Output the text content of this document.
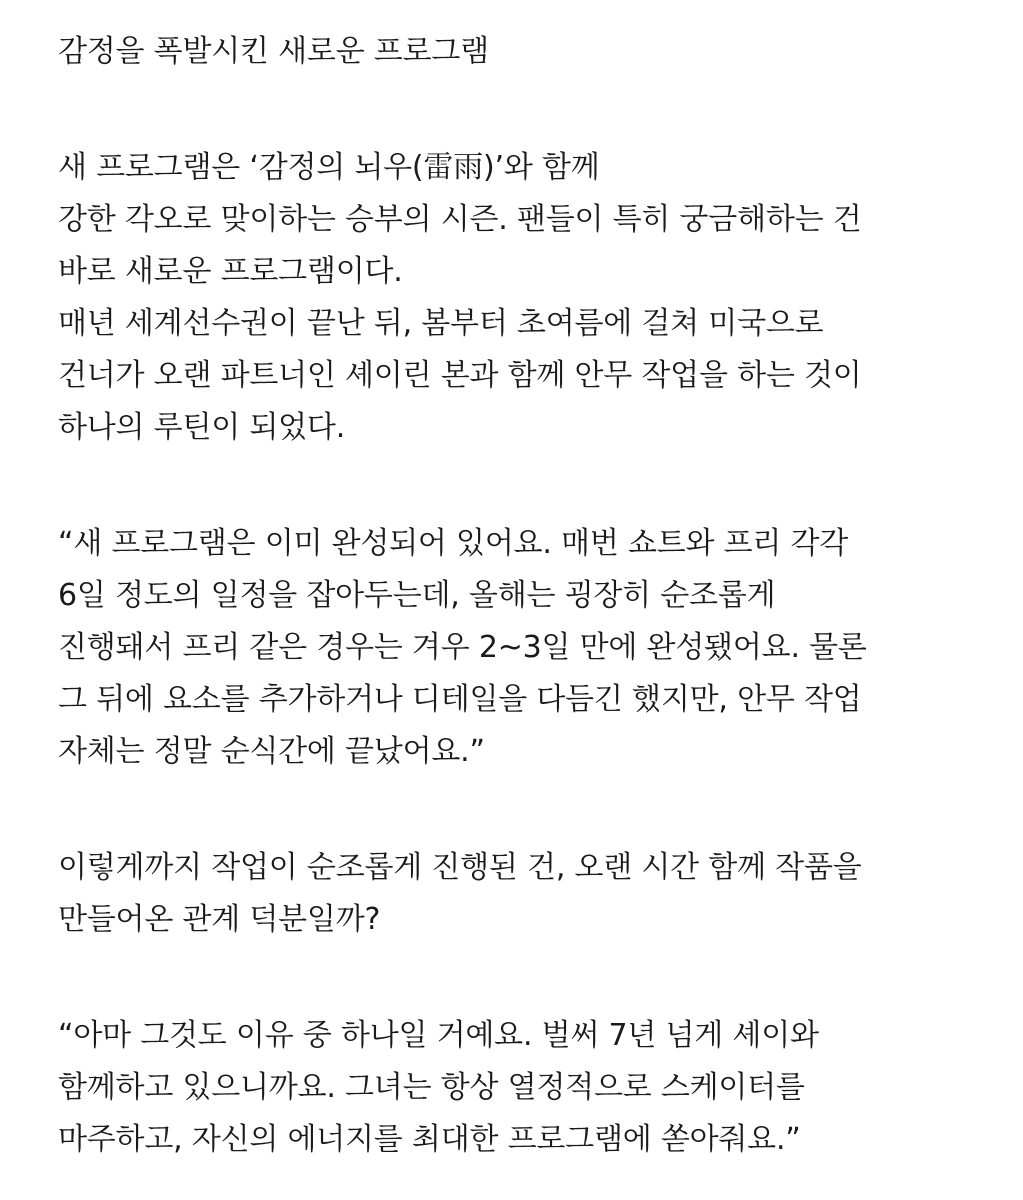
감정을 폭발시킨 새로운 프로그램
새 프로그램은 ‘감정의 뇌우(雷雨)’와 함께
강한 각오로 맞이하는 승부의 시즌. 팬들이 특히 궁금해하는 건
바로 새로운 프로그램이다.
매년 세계선수권이 끝난 뒤, 봄부터 초여름에 걸쳐 미국으로
건너가 오랜 파트너인 셰이린 본과 함께 안무 작업을 하는 것이
하나의 루틴이 되었다.
“새 프로그램은 이미 완성되어 있어요. 매번 쇼트와 프리 각각
6일 정도의 일정을 잡아두는데, 올해는 굉장히 순조롭게
진행돼서 프리 같은 경우는 겨우 2~3일 만에 완성됐어요. 물론
그 뒤에 요소를 추가하거나 디테일을 다듬긴 했지만, 안무 작업
자체는 정말 순식간에 끝났어요.”
이렇게까지 작업이 순조롭게 진행된 건, 오랜 시간 함께 작품을
만들어온 관계 덕분일까?
“아마 그것도 이유 중 하나일 거예요. 벌써 7년 넘게 셰이와
함께하고 있으니까요. 그녀는 항상 열정적으로 스케이터를
마주하고, 자신의 에너지를 최대한 프로그램에 쏟아줘요.”
